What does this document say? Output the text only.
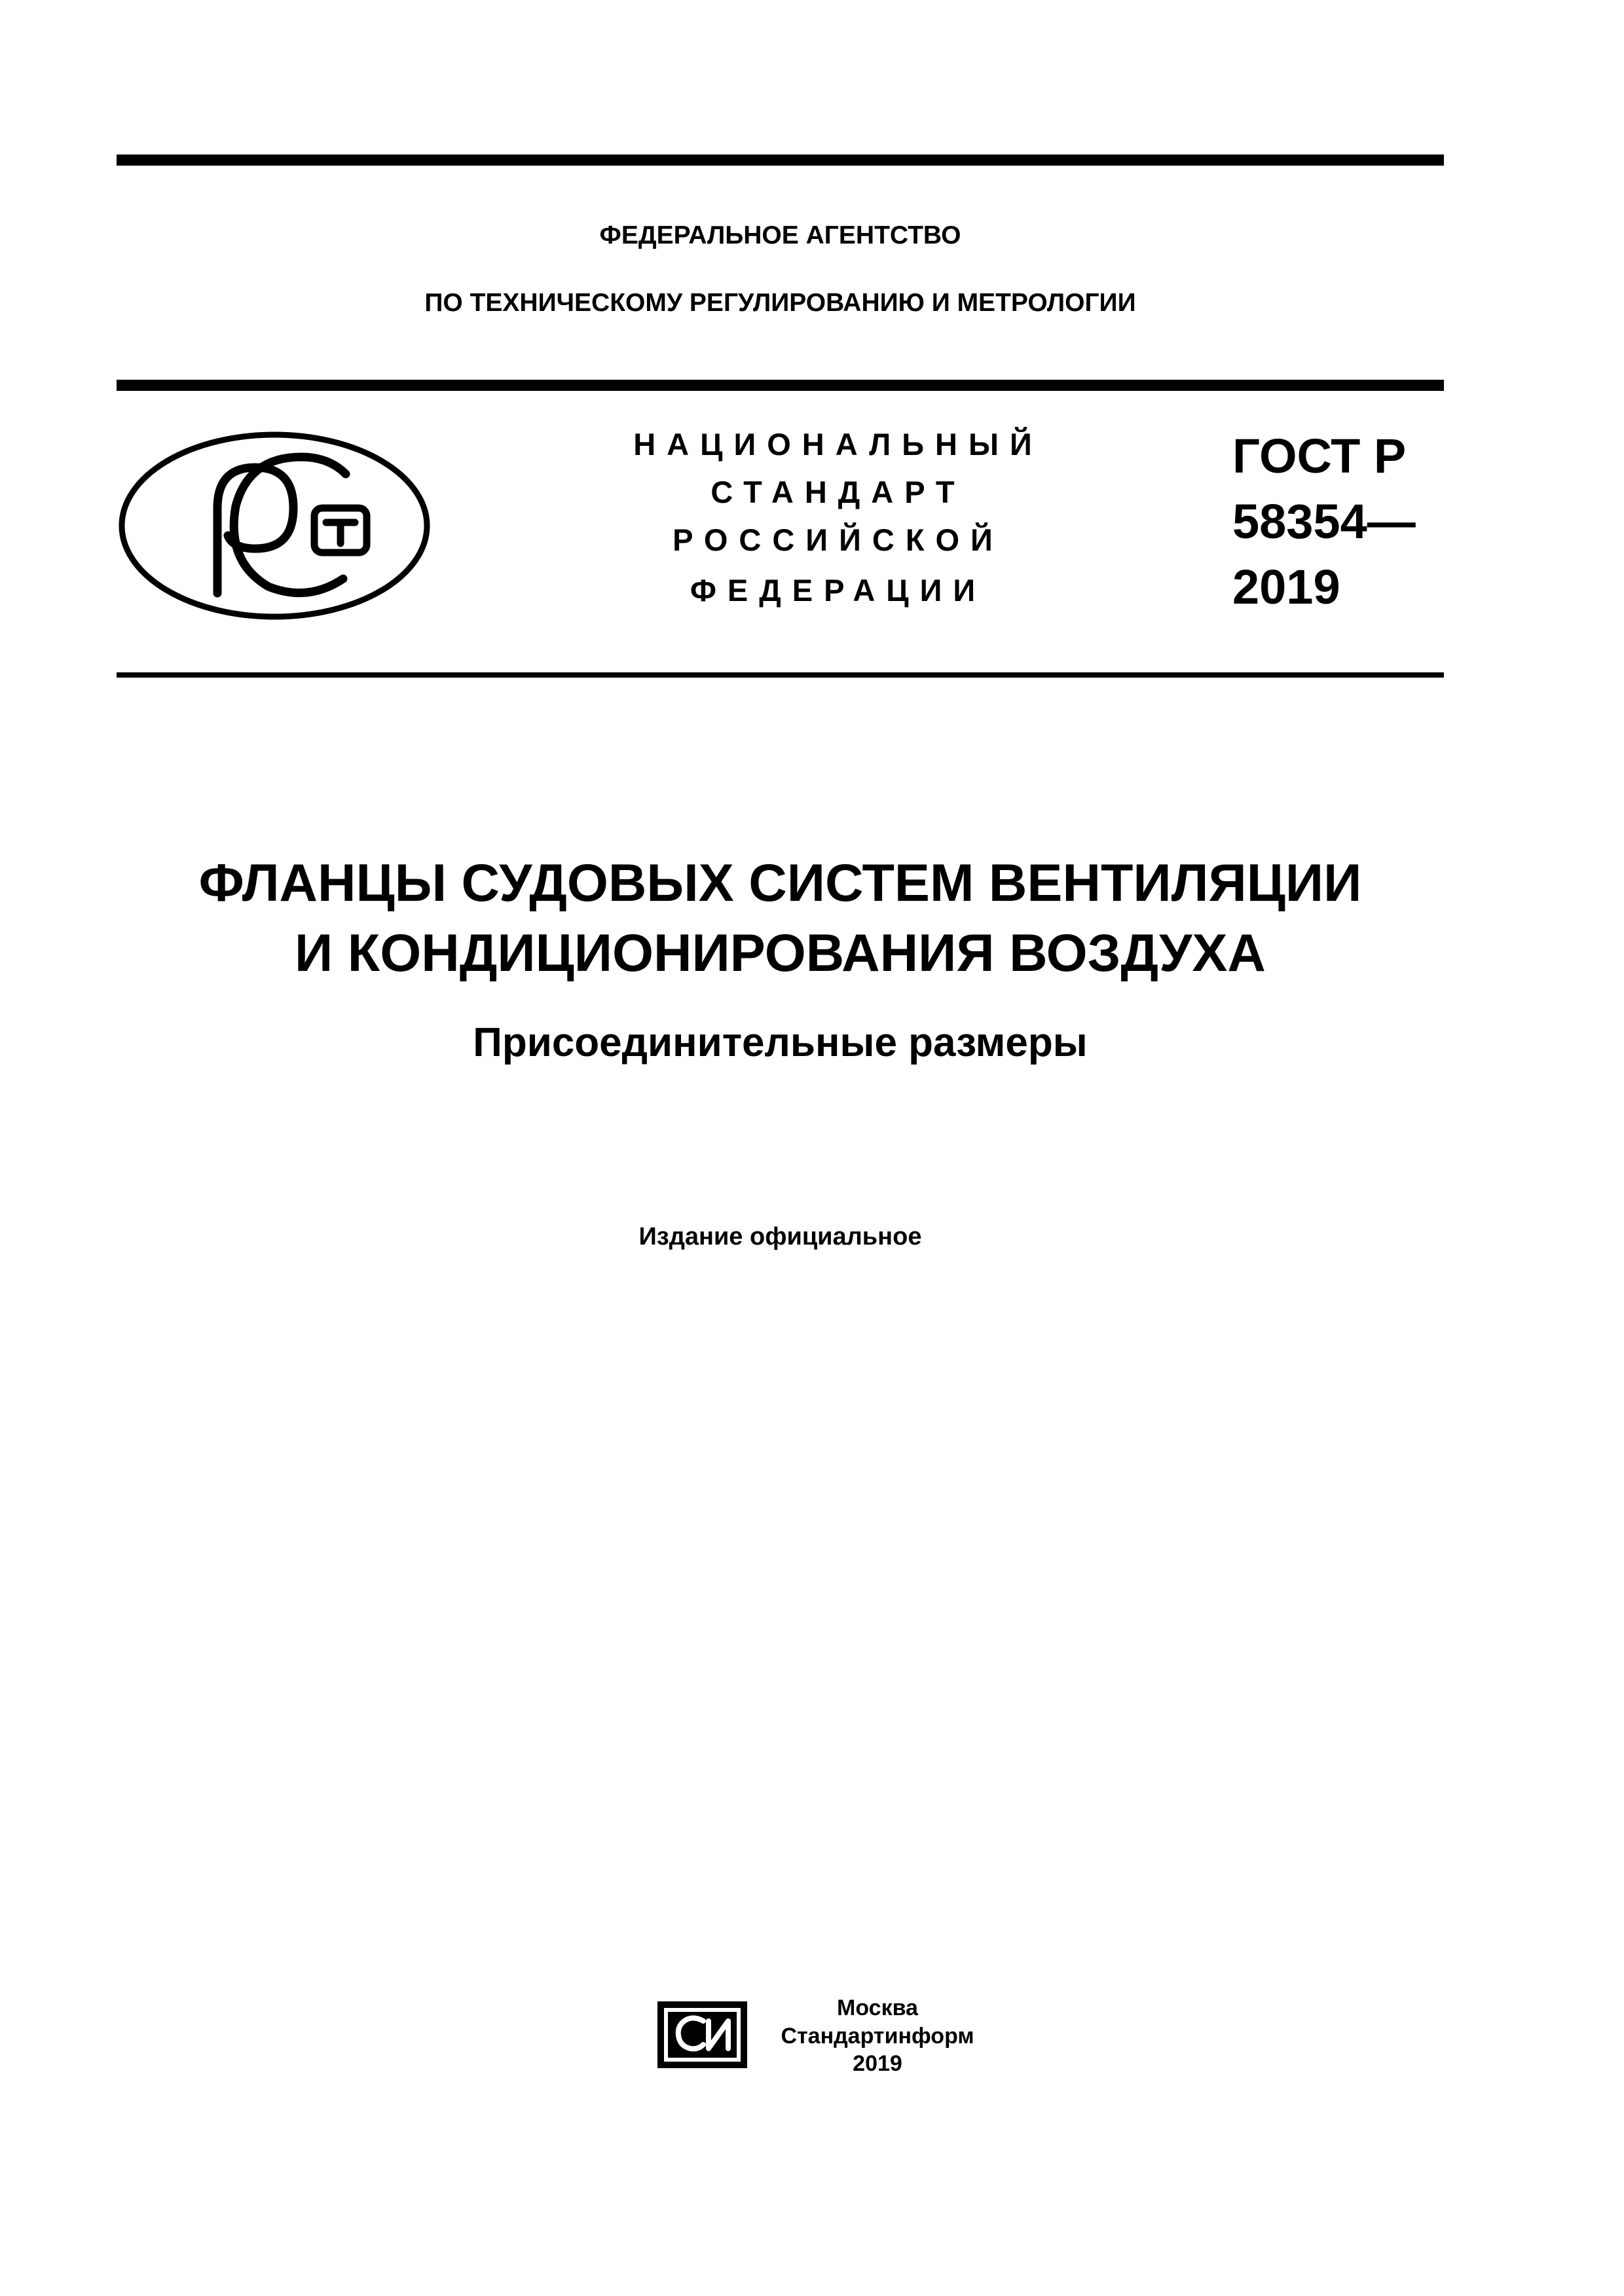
ФЕДЕРАЛЬНОЕ АГЕНТСТВО
ПО ТЕХНИЧЕСКОМУ РЕГУЛИРОВАНИЮ И МЕТРОЛОГИИ
НАЦИОНАЛЬНЫЙ
СТАНДАРТ
РОССИЙСКОЙ
ФЕДЕРАЦИИ
ГОСТ Р
58354—
2019
ФЛАНЦЫ СУДОВЫХ СИСТЕМ ВЕНТИЛЯЦИИ
И КОНДИЦИОНИРОВАНИЯ ВОЗДУХА
Присоединительные размеры
Издание официальное
Москва
Стандартинформ
2019
